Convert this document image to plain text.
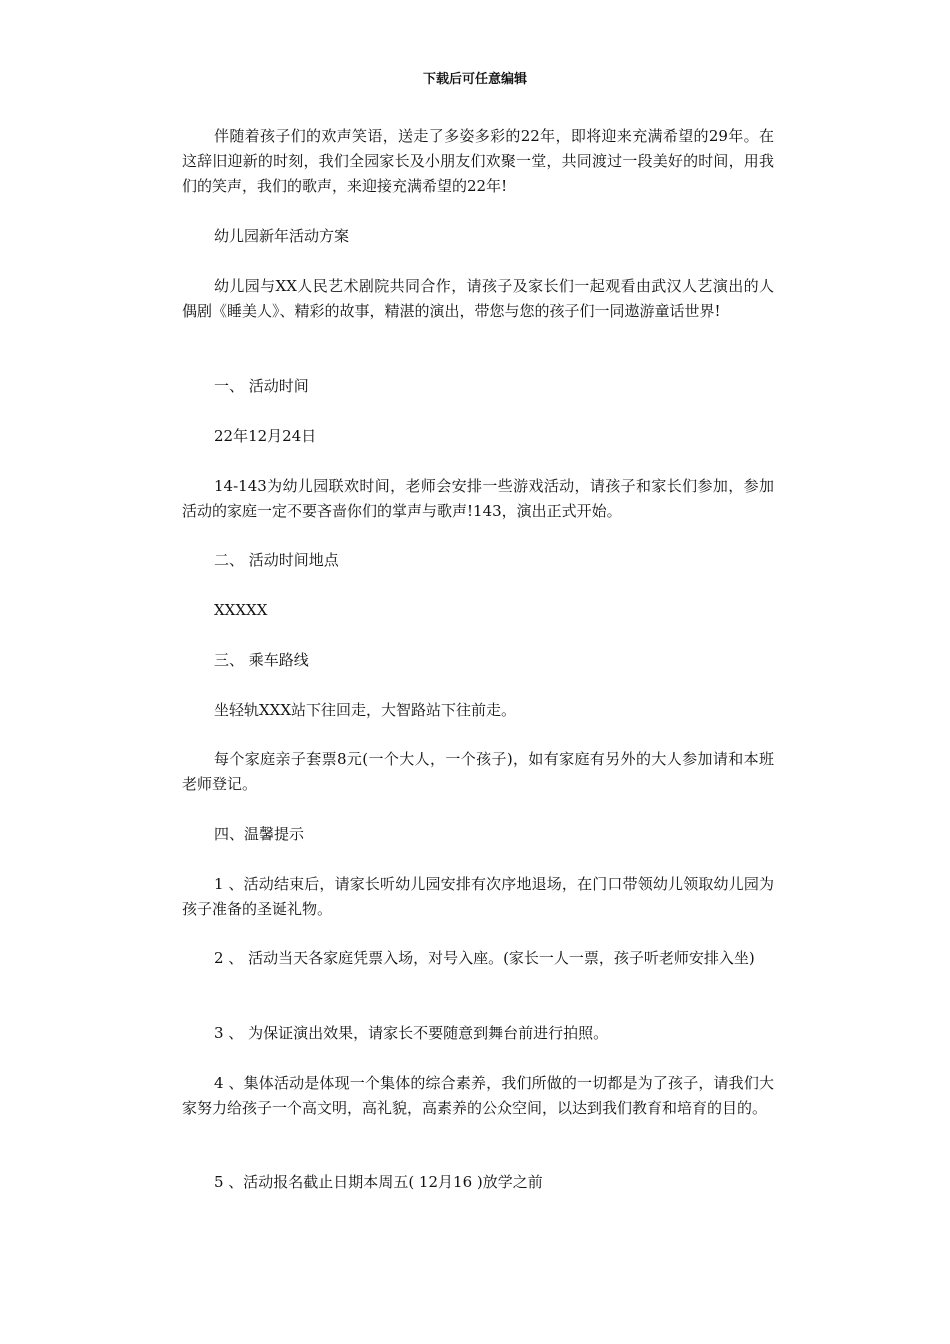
下载后可任意编辑

伴随着孩子们的欢声笑语，送走了多姿多彩的22年，即将迎来充满希望的29年。在这辞旧迎新的时刻，我们全园家长及小朋友们欢聚一堂，共同渡过一段美好的时间，用我们的笑声，我们的歌声，来迎接充满希望的22年!

幼儿园新年活动方案

幼儿园与XX人民艺术剧院共同合作，请孩子及家长们一起观看由武汉人艺演出的人偶剧《睡美人》、精彩的故事，精湛的演出，带您与您的孩子们一同遨游童话世界!

一、 活动时间

22年12月24日

14-143为幼儿园联欢时间，老师会安排一些游戏活动，请孩子和家长们参加，参加活动的家庭一定不要吝啬你们的掌声与歌声!143，演出正式开始。

二、 活动时间地点

XXXXX

三、 乘车路线

坐轻轨XXX站下往回走，大智路站下往前走。

每个家庭亲子套票8元(一个大人，一个孩子)，如有家庭有另外的大人参加请和本班老师登记。

四、温馨提示

1 、活动结束后，请家长听幼儿园安排有次序地退场，在门口带领幼儿领取幼儿园为孩子准备的圣诞礼物。

2 、 活动当天各家庭凭票入场，对号入座。(家长一人一票，孩子听老师安排入坐)

3 、 为保证演出效果，请家长不要随意到舞台前进行拍照。

4 、集体活动是体现一个集体的综合素养，我们所做的一切都是为了孩子，请我们大家努力给孩子一个高文明，高礼貌，高素养的公众空间，以达到我们教育和培育的目的。

5 、活动报名截止日期本周五( 12月16 )放学之前
